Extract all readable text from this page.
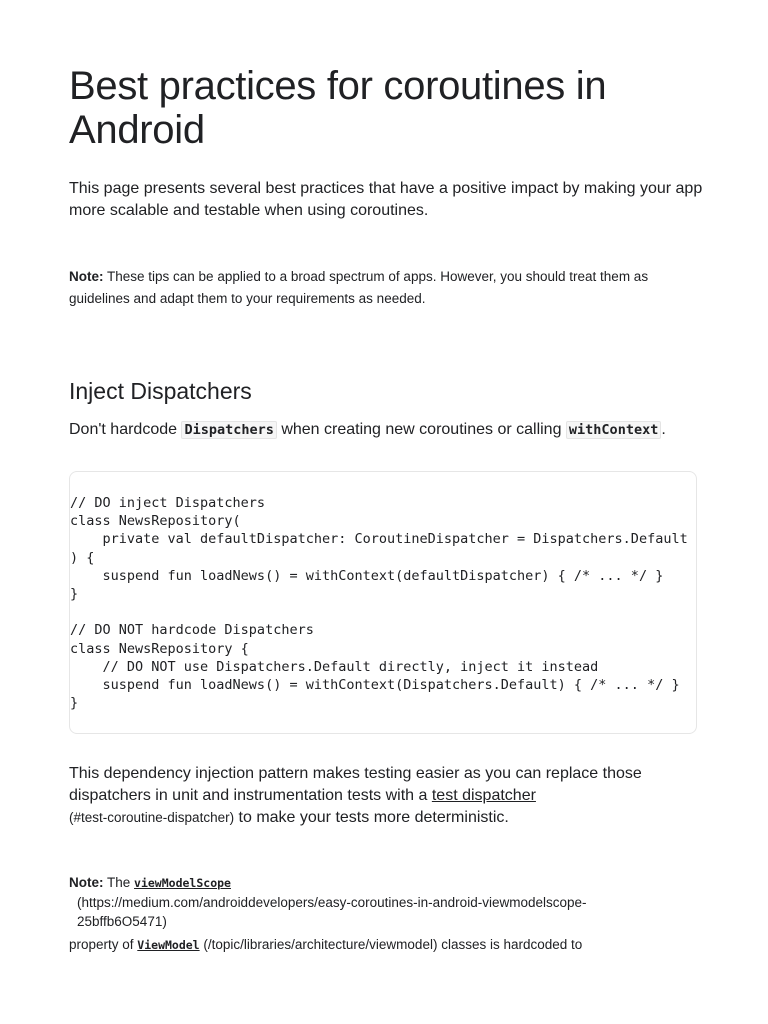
Best practices for coroutines in Android

This page presents several best practices that have a positive impact by making your app more scalable and testable when using coroutines.

Note: These tips can be applied to a broad spectrum of apps. However, you should treat them as guidelines and adapt them to your requirements as needed.

Inject Dispatchers

Don't hardcode Dispatchers when creating new coroutines or calling withContext .

// DO inject Dispatchers
class NewsRepository(
private val defaultDispatcher: CoroutineDispatcher = Dispatchers.Default
) {
suspend fun loadNews() = withContext(defaultDispatcher) { /* ... */ }
}

// DO NOT hardcode Dispatchers
class NewsRepository {
// DO NOT use Dispatchers.Default directly, inject it instead
suspend fun loadNews() = withContext(Dispatchers.Default) { /* ... */ }
}

This dependency injection pattern makes testing easier as you can replace those dispatchers in unit and instrumentation tests with a test dispatcher
(#test-coroutine-dispatcher) to make your tests more deterministic.

Note: The viewModelScope
(https://medium.com/androiddevelopers/easy-coroutines-in-android-viewmodelscope-25bffb6O5471)

property of ViewModel (/topic/libraries/architecture/viewmodel) classes is hardcoded to
